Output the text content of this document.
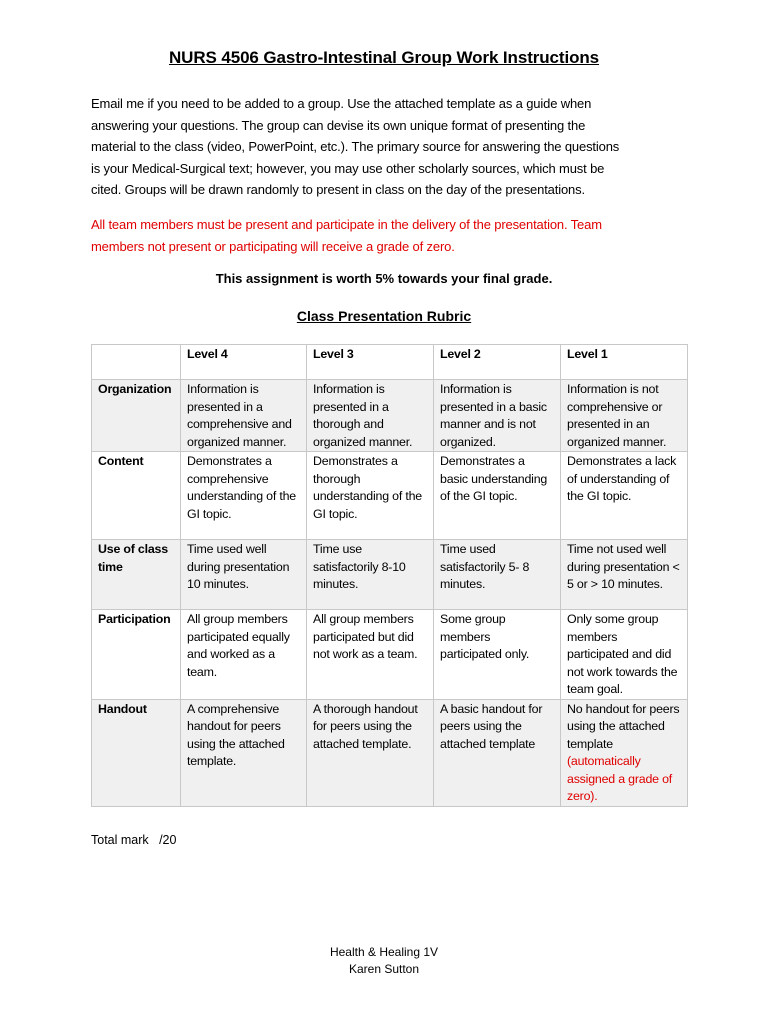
NURS 4506 Gastro-Intestinal Group Work Instructions
Email me if you need to be added to a group. Use the attached template as a guide when
answering your questions. The group can devise its own unique format of presenting the
material to the class (video, PowerPoint, etc.). The primary source for answering the questions
is your Medical-Surgical text; however, you may use other scholarly sources, which must be
cited. Groups will be drawn randomly to present in class on the day of the presentations.
All team members must be present and participate in the delivery of the presentation. Team
members not present or participating will receive a grade of zero.
This assignment is worth 5% towards your final grade.
Class Presentation Rubric
	Level 4	Level 3	Level 2	Level 1
Organization	Information is presented in a comprehensive and organized manner.	Information is presented in a thorough and organized manner.	Information is presented in a basic manner and is not organized.	Information is not comprehensive or presented in an organized manner.
Content	Demonstrates a comprehensive understanding of the GI topic.	Demonstrates a thorough understanding of the GI topic.	Demonstrates a basic understanding of the GI topic.	Demonstrates a lack of understanding of the GI topic.
Use of class time	Time used well during presentation 10 minutes.	Time use satisfactorily 8-10 minutes.	Time used satisfactorily 5- 8 minutes.	Time not used well during presentation < 5 or > 10 minutes.
Participation	All group members participated equally and worked as a team.	All group members participated but did not work as a team.	Some group members participated only.	Only some group members participated and did not work towards the team goal.
Handout	A comprehensive handout for peers using the attached template.	A thorough handout for peers using the attached template.	A basic handout for peers using the attached template	No handout for peers using the attached template (automatically assigned a grade of zero).
Total mark   /20
Health & Healing 1V
Karen Sutton
